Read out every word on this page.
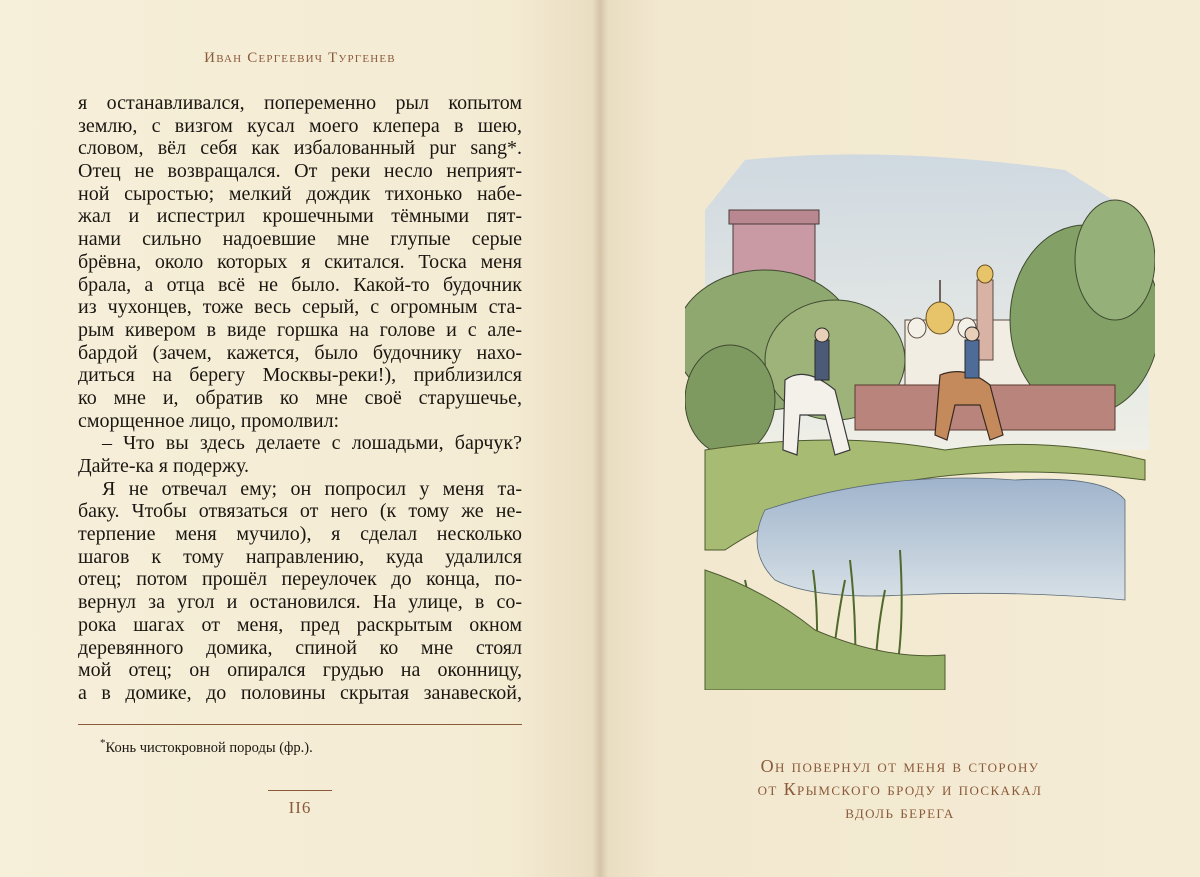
Иван Сергеевич Тургенев
я останавливался, попеременно рыл копытом
землю, с визгом кусал моего клепера в шею,
словом, вёл себя как избалованный pur sang*.
Отец не возвращался. От реки несло неприят-
ной сыростью; мелкий дождик тихонько набе-
жал и испестрил крошечными тёмными пят-
нами сильно надоевшие мне глупые серые
брёвна, около которых я скитался. Тоска меня
брала, а отца всё не было. Какой-то будочник
из чухонцев, тоже весь серый, с огромным ста-
рым кивером в виде горшка на голове и с але-
бардой (зачем, кажется, было будочнику нахо-
диться на берегу Москвы-реки!), приблизился
ко мне и, обратив ко мне своё старушечье,
сморщенное лицо, промолвил:
– Что вы здесь делаете с лошадьми, барчук?
Дайте-ка я подержу.
Я не отвечал ему; он попросил у меня та-
баку. Чтобы отвязаться от него (к тому же не-
терпение меня мучило), я сделал несколько
шагов к тому направлению, куда удалился
отец; потом прошёл переулочек до конца, по-
вернул за угол и остановился. На улице, в со-
рока шагах от меня, пред раскрытым окном
деревянного домика, спиной ко мне стоял
мой отец; он опирался грудью на оконницу,
а в домике, до половины скрытая занавеской,
*Конь чистокровной породы (фр.).
II6
Он повернул от меня в сторону
от Крымского броду и поскакал
вдоль берега
